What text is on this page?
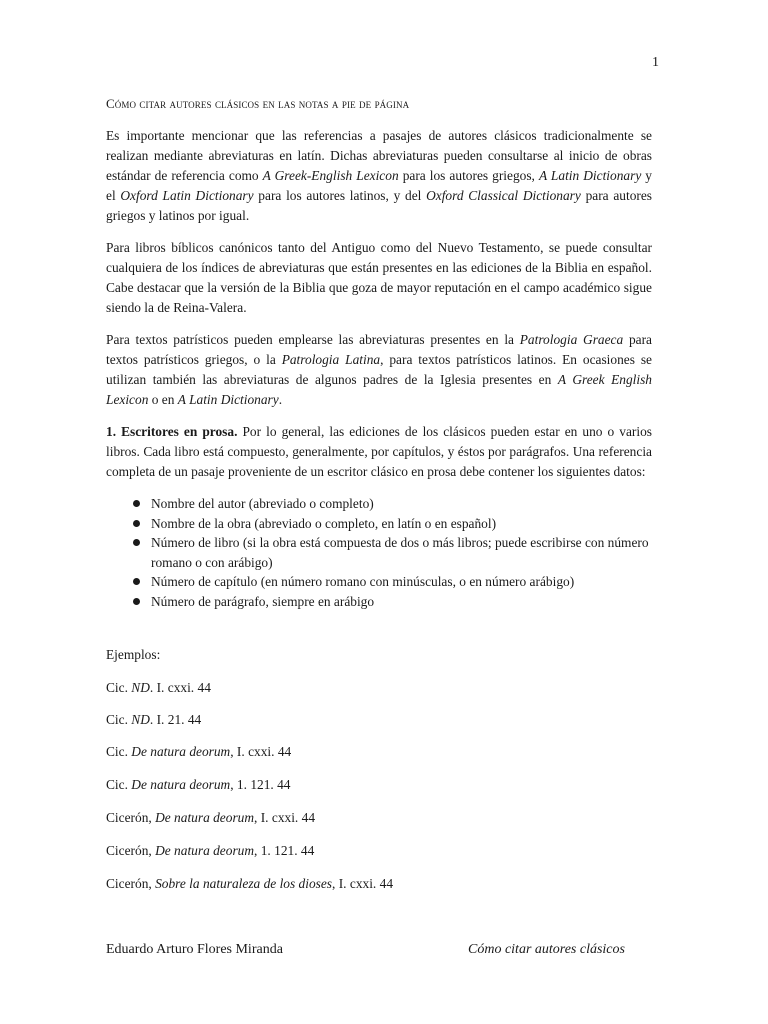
1
Cómo citar autores clásicos en las notas a pie de página

Es importante mencionar que las referencias a pasajes de autores clásicos tradicionalmente se realizan mediante abreviaturas en latín. Dichas abreviaturas pueden consultarse al inicio de obras estándar de referencia como A Greek-English Lexicon para los autores griegos, A Latin Dictionary y el Oxford Latin Dictionary para los autores latinos, y del Oxford Classical Dictionary para autores griegos y latinos por igual.

Para libros bíblicos canónicos tanto del Antiguo como del Nuevo Testamento, se puede consultar cualquiera de los índices de abreviaturas que están presentes en las ediciones de la Biblia en español. Cabe destacar que la versión de la Biblia que goza de mayor reputación en el campo académico sigue siendo la de Reina-Valera.

Para textos patrísticos pueden emplearse las abreviaturas presentes en la Patrologia Graeca para textos patrísticos griegos, o la Patrologia Latina, para textos patrísticos latinos. En ocasiones se utilizan también las abreviaturas de algunos padres de la Iglesia presentes en A Greek English Lexicon o en A Latin Dictionary.

1. Escritores en prosa. Por lo general, las ediciones de los clásicos pueden estar en uno o varios libros. Cada libro está compuesto, generalmente, por capítulos, y éstos por parágrafos. Una referencia completa de un pasaje proveniente de un escritor clásico en prosa debe contener los siguientes datos:

Nombre del autor (abreviado o completo)
Nombre de la obra (abreviado o completo, en latín o en español)
Número de libro (si la obra está compuesta de dos o más libros; puede escribirse con número romano o con arábigo)
Número de capítulo (en número romano con minúsculas, o en número arábigo)
Número de parágrafo, siempre en arábigo
Ejemplos:
Cic. ND. I. cxxi. 44
Cic. ND. I. 21. 44
Cic. De natura deorum, I. cxxi. 44
Cic. De natura deorum, 1. 121. 44
Cicerón, De natura deorum, I. cxxi. 44
Cicerón, De natura deorum, 1. 121. 44
Cicerón, Sobre la naturaleza de los dioses, I. cxxi. 44
Eduardo Arturo Flores Miranda	Cómo citar autores clásicos
